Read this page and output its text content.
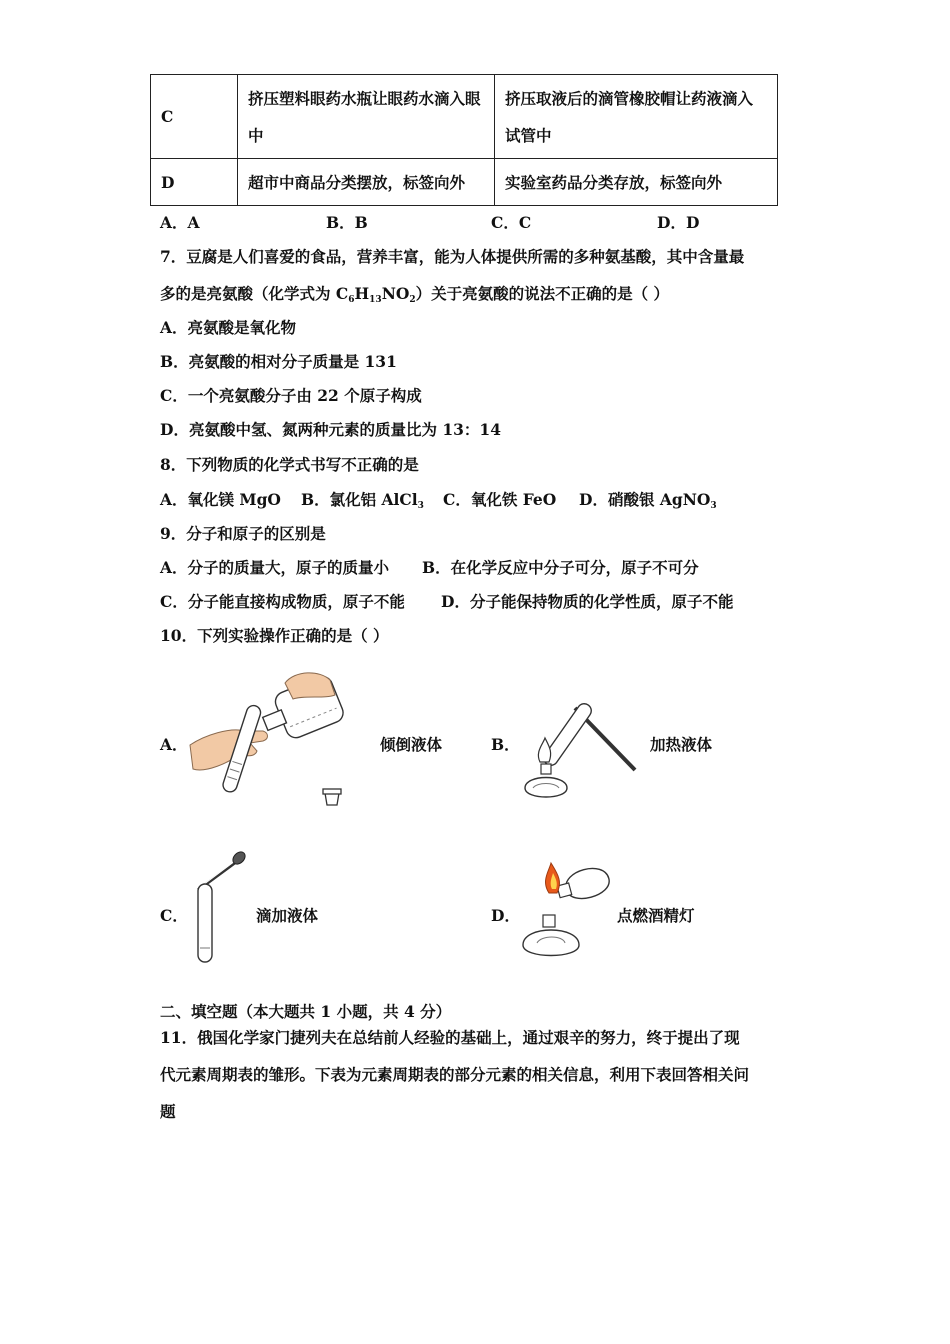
C	挤压塑料眼药水瓶让眼药水滴入眼中	挤压取液后的滴管橡胶帽让药液滴入试管中
D	超市中商品分类摆放，标签向外	实验室药品分类存放，标签向外
A．A	B．B	C．C	D．D
7．豆腐是人们喜爱的食品，营养丰富，能为人体提供所需的多种氨基酸，其中含量最
多的是亮氨酸（化学式为 $C_6H_{13}NO_2$）关于亮氨酸的说法不正确的是（ ）
A．亮氨酸是氧化物
B．亮氨酸的相对分子质量是 131
C．一个亮氨酸分子由 22 个原子构成
D．亮氨酸中氢、氮两种元素的质量比为 13：14
8．下列物质的化学式书写不正确的是
A．氧化镁 MgO B．氯化铝 AlCl$_3$ C．氧化铁 FeO D．硝酸银 AgNO$_3$
9．分子和原子的区别是
A．分子的质量大，原子的质量小 B．在化学反应中分子可分，原子不可分
C．分子能直接构成物质，原子不能 D．分子能保持物质的化学性质，原子不能
10．下列实验操作正确的是（ ）
A．	倾倒液体	B．	加热液体
C．	滴加液体	D．	点燃酒精灯
二、填空题（本大题共 1 小题，共 4 分）
11．俄国化学家门捷列夫在总结前人经验的基础上，通过艰辛的努力，终于提出了现
代元素周期表的雏形。下表为元素周期表的部分元素的相关信息，利用下表回答相关问
题
